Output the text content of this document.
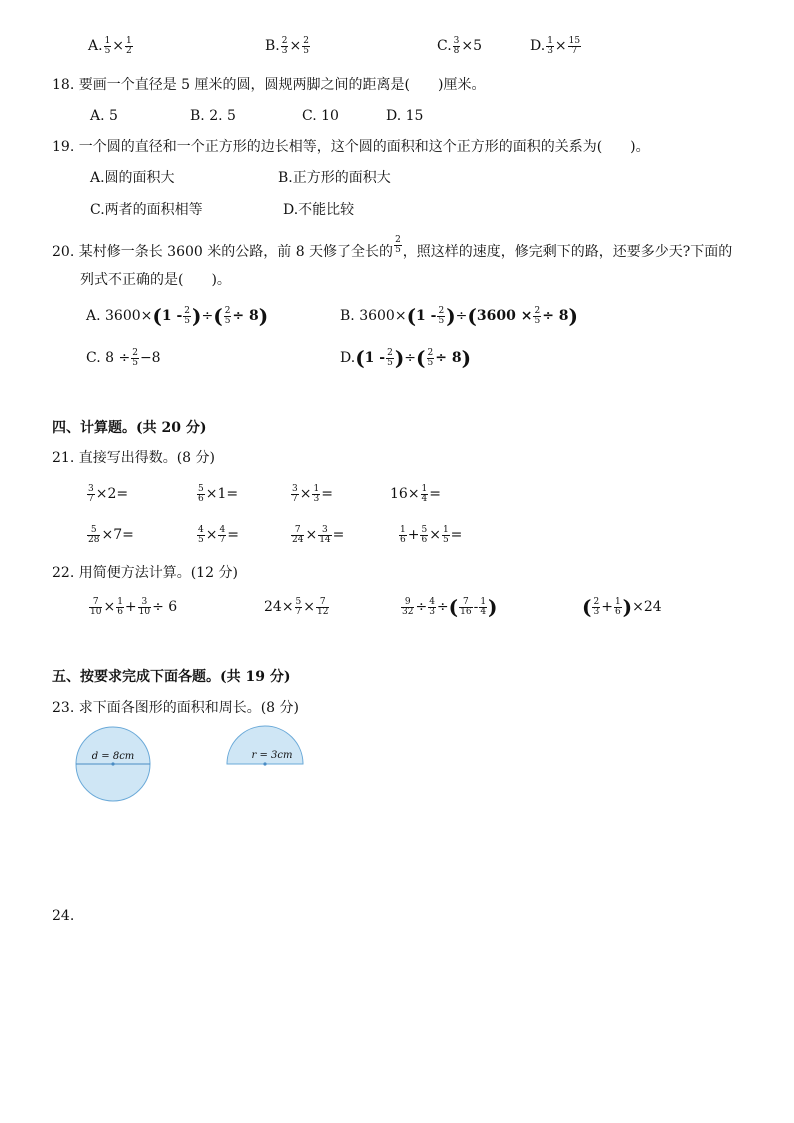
A. $\frac{1}{5} \times \frac{1}{2}$	B. $\frac{2}{3} \times \frac{2}{5}$	C. $\frac{3}{8} \times 5$	D. $\frac{1}{3} \times \frac{15}{7}$
18. 要画一个直径是 5 厘米的圆，圆规两脚之间的距离是(　　)厘米。
A. 5	B. 2. 5	C. 10	D. 15
19. 一个圆的直径和一个正方形的边长相等，这个圆的面积和这个正方形的面积的关系为(　　)。
A.圆的面积大	B.正方形的面积大
C.两者的面积相等	D.不能比较
20. 某村修一条长 3600 米的公路，前 8 天修了全长的 $\frac{2}{5}$ ，照这样的速度，修完剩下的路，还要多少天?下面的
列式不正确的是(　　)。
A. $3600\times(1 - \frac{2}{5}$ )÷( $\frac{2}{5} \div 8$)	B. $3600\times(1 - \frac{2}{5} )\div(3600 \times \frac{2}{5} \div 8)$
C. $8 \div \frac{2}{5} -8$	$D.(1 - \frac{2}{5}$ )÷( $\frac{2}{5} \div 8$)
四、计算题。(共 20 分)
21. 直接写出得数。(8 分)
$\frac{3}{7} \times 2=$	$\frac{5}{6} \times 1=$	$\frac{3}{7} \times \frac{1}{3}$ =	$16\times \frac{1}{4}$ =
$\frac{5}{28} \times 7=$	$\frac{4}{5} \times \frac{4}{7}$ =	$\frac{7}{24} \times \frac{3}{14}$ =	$\frac{1}{6} + \frac{5}{6} \times \frac{1}{5}$ =
22. 用简便方法计算。(12 分)
$\frac{7}{10} \times \frac{1}{6} + \frac{3}{10} \div 6$	$24\times \frac{5}{7} \times \frac{7}{12}$	$\frac{9}{32} \div \frac{4}{3}$ ÷( $\frac{7}{16} - \frac{1}{4}$ )	( $\frac{2}{3} + \frac{1}{6} )\times 24$
五、按要求完成下面各题。(共 19 分)
23. 求下面各图形的面积和周长。(8 分)
d = 8cm	r = 3cm
24.
